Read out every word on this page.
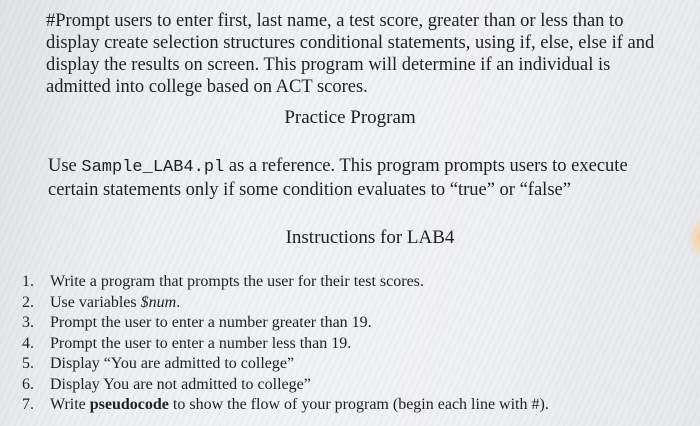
#Prompt users to enter first, last name, a test score, greater than or less than to
display create selection structures conditional statements, using if, else, else if and
display the results on screen. This program will determine if an individual is
admitted into college based on ACT scores.
Practice Program
Use Sample_LAB4.pl as a reference. This program prompts users to execute
certain statements only if some condition evaluates to “true” or “false”
Instructions for LAB4
1.	Write a program that prompts the user for their test scores.
2.	Use variables $num.
3.	Prompt the user to enter a number greater than 19.
4.	Prompt the user to enter a number less than 19.
5.	Display “You are admitted to college”
6.	Display You are not admitted to college”
7.	Write pseudocode to show the flow of your program (begin each line with #).
